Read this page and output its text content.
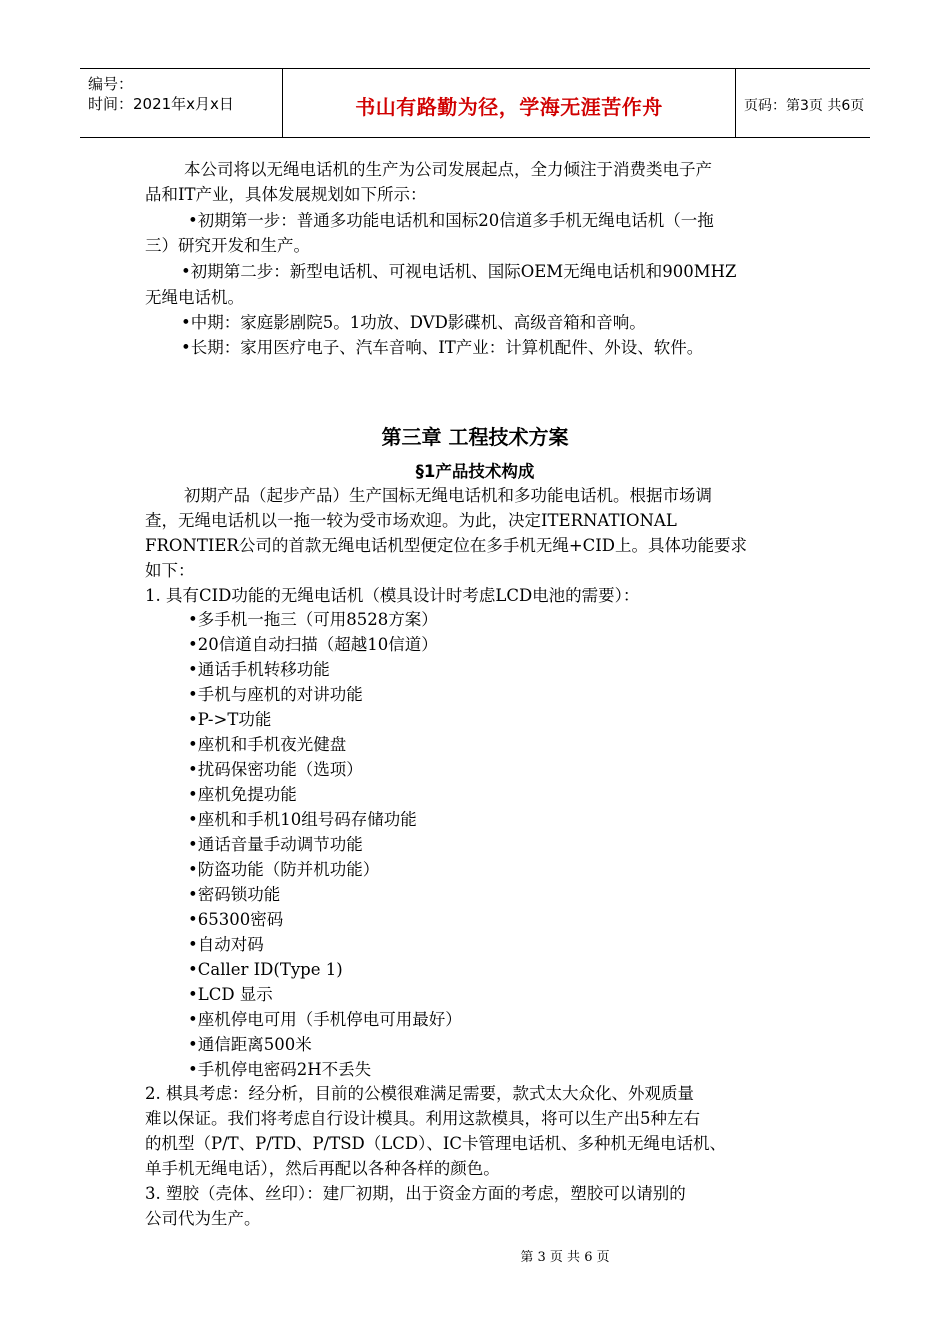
编号：
时间：2021年x月x日	书山有路勤为径，学海无涯苦作舟	页码：第3页 共6页
本公司将以无绳电话机的生产为公司发展起点，全力倾注于消费类电子产
品和IT产业，具体发展规划如下所示：
•初期第一步：普通多功能电话机和国标20信道多手机无绳电话机（一拖
三）研究开发和生产。
•初期第二步：新型电话机、可视电话机、国际OEM无绳电话机和900MHZ
无绳电话机。
•中期：家庭影剧院5。1功放、DVD影碟机、高级音箱和音响。
•长期：家用医疗电子、汽车音响、IT产业：计算机配件、外设、软件。
第三章 工程技术方案
§1产品技术构成
初期产品（起步产品）生产国标无绳电话机和多功能电话机。根据市场调
查，无绳电话机以一拖一较为受市场欢迎。为此，决定ITERNATIONAL
FRONTIER公司的首款无绳电话机型便定位在多手机无绳+CID上。具体功能要求
如下：
1. 具有CID功能的无绳电话机（模具设计时考虑LCD电池的需要）：
•多手机一拖三（可用8528方案）
•20信道自动扫描（超越10信道）
•通话手机转移功能
•手机与座机的对讲功能
•P->T功能
•座机和手机夜光健盘
•扰码保密功能（选项）
•座机免提功能
•座机和手机10组号码存储功能
•通话音量手动调节功能
•防盗功能（防并机功能）
•密码锁功能
•65300密码
•自动对码
•Caller ID(Type 1)
•LCD 显示
•座机停电可用（手机停电可用最好）
•通信距离500米
•手机停电密码2H不丢失
2. 棋具考虑：经分析，目前的公模很难满足需要，款式太大众化、外观质量
难以保证。我们将考虑自行设计模具。利用这款模具，将可以生产出5种左右
的机型（P/T、P/TD、P/TSD（LCD）、IC卡管理电话机、多种机无绳电话机、
单手机无绳电话），然后再配以各种各样的颜色。
3. 塑胶（壳体、丝印）：建厂初期，出于资金方面的考虑，塑胶可以请别的
公司代为生产。
第 3 页 共 6 页
